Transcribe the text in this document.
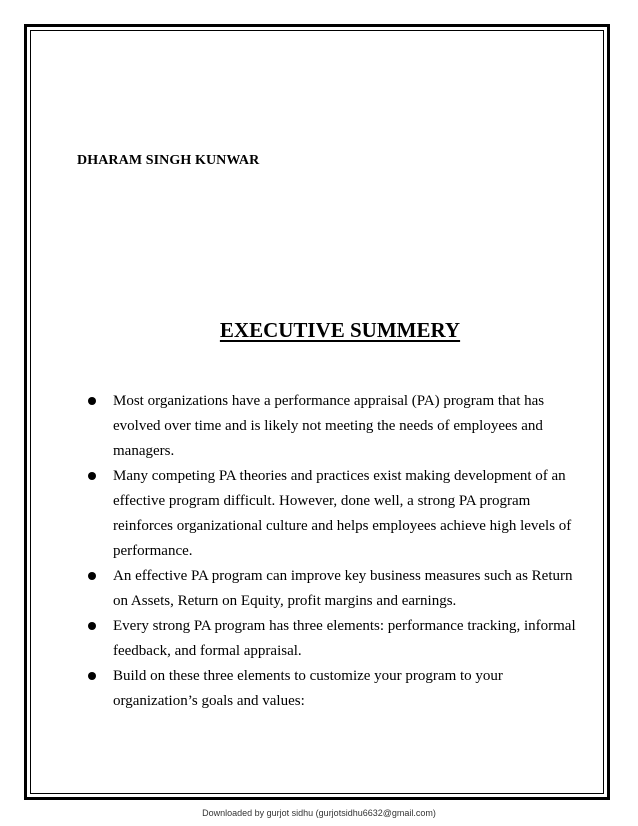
DHARAM SINGH KUNWAR
EXECUTIVE SUMMERY
Most organizations have a performance appraisal (PA) program that has evolved over time and is likely not meeting the needs of employees and managers.
Many competing PA theories and practices exist making development of an effective program difficult. However, done well, a strong PA program reinforces organizational culture and helps employees achieve high levels of performance.
An effective PA program can improve key business measures such as Return on Assets, Return on Equity, profit margins and earnings.
Every strong PA program has three elements: performance tracking, informal feedback, and formal appraisal.
Build on these three elements to customize your program to your organization’s goals and values:
Downloaded by gurjot sidhu (gurjotsidhu6632@gmail.com)
